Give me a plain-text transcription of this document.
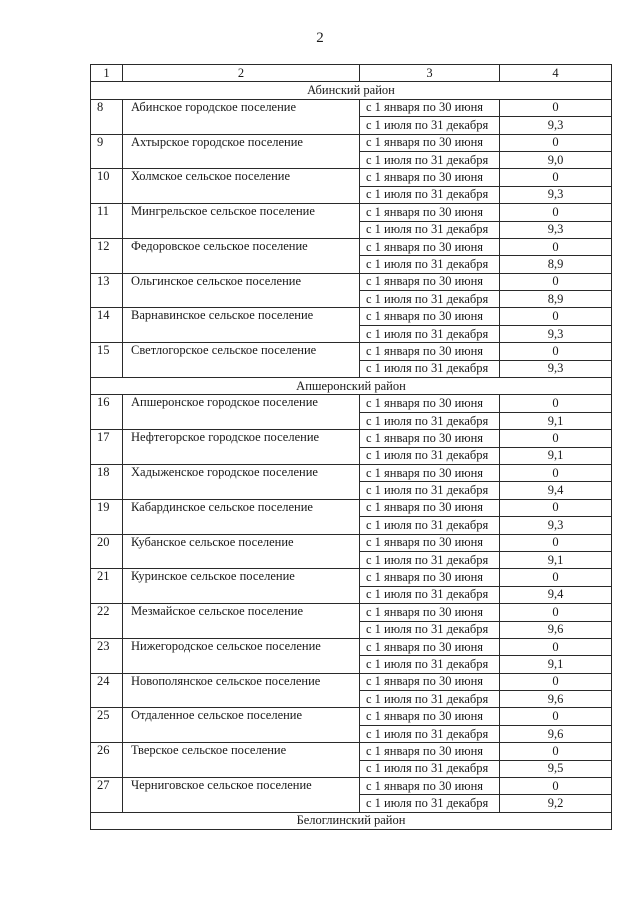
2
1	2	3	4
Абинский район			
8	Абинское городское поселение	с 1 января по 30 июня	0
		с 1 июля по 31 декабря	9,3
9	Ахтырское городское поселение	с 1 января по 30 июня	0
		с 1 июля по 31 декабря	9,0
10	Холмское сельское поселение	с 1 января по 30 июня	0
		с 1 июля по 31 декабря	9,3
11	Мингрельское сельское поселение	с 1 января по 30 июня	0
		с 1 июля по 31 декабря	9,3
12	Федоровское сельское поселение	с 1 января по 30 июня	0
		с 1 июля по 31 декабря	8,9
13	Ольгинское сельское поселение	с 1 января по 30 июня	0
		с 1 июля по 31 декабря	8,9
14	Варнавинское сельское поселение	с 1 января по 30 июня	0
		с 1 июля по 31 декабря	9,3
15	Светлогорское сельское поселение	с 1 января по 30 июня	0
		с 1 июля по 31 декабря	9,3
Апшеронский район			
16	Апшеронское городское поселение	с 1 января по 30 июня	0
		с 1 июля по 31 декабря	9,1
17	Нефтегорское городское поселение	с 1 января по 30 июня	0
		с 1 июля по 31 декабря	9,1
18	Хадыженское городское поселение	с 1 января по 30 июня	0
		с 1 июля по 31 декабря	9,4
19	Кабардинское сельское поселение	с 1 января по 30 июня	0
		с 1 июля по 31 декабря	9,3
20	Кубанское сельское поселение	с 1 января по 30 июня	0
		с 1 июля по 31 декабря	9,1
21	Куринское сельское поселение	с 1 января по 30 июня	0
		с 1 июля по 31 декабря	9,4
22	Мезмайское сельское поселение	с 1 января по 30 июня	0
		с 1 июля по 31 декабря	9,6
23	Нижегородское сельское поселение	с 1 января по 30 июня	0
		с 1 июля по 31 декабря	9,1
24	Новополянское сельское поселение	с 1 января по 30 июня	0
		с 1 июля по 31 декабря	9,6
25	Отдаленное сельское поселение	с 1 января по 30 июня	0
		с 1 июля по 31 декабря	9,6
26	Тверское сельское поселение	с 1 января по 30 июня	0
		с 1 июля по 31 декабря	9,5
27	Черниговское сельское поселение	с 1 января по 30 июня	0
		с 1 июля по 31 декабря	9,2
Белоглинский район			
